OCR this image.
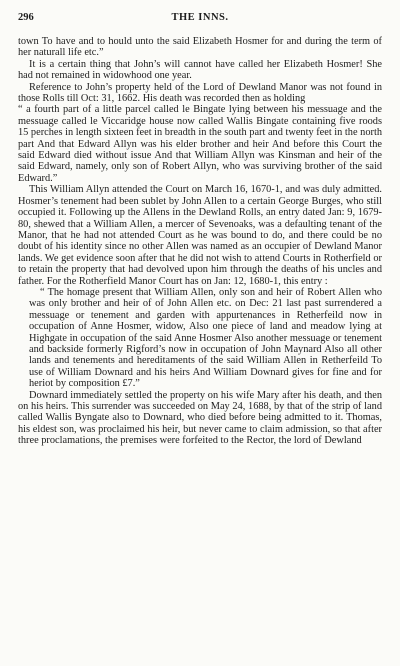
296	THE INNS.

town To have and to hould unto the said Elizabeth Hosmer for and during the term of her naturall life etc.”

It is a certain thing that John’s will cannot have called her Elizabeth Hosmer! She had not remained in widowhood one year.

Reference to John’s property held of the Lord of Dewland Manor was not found in those Rolls till Oct: 31, 1662. His death was recorded then as holding

“ a fourth part of a little parcel called le Bingate lying between his messuage and the messuage called le Viccaridge house now called Wallis Bingate containing five roods 15 perches in length sixteen feet in breadth in the south part and twenty feet in the north part And that Edward Allyn was his elder brother and heir And before this Court the said Edward died without issue And that William Allyn was Kinsman and heir of the said Edward, namely, only son of Robert Allyn, who was surviving brother of the said Edward.”

This William Allyn attended the Court on March 16, 1670-1, and was duly admitted. Hosmer’s tenement had been sublet by John Allen to a certain George Burges, who still occupied it. Following up the Allens in the Dewland Rolls, an entry dated Jan: 9, 1679-80, shewed that a William Allen, a mercer of Sevenoaks, was a defaulting tenant of the Manor, that he had not attended Court as he was bound to do, and there could be no doubt of his identity since no other Allen was named as an occupier of Dewland Manor lands. We get evidence soon after that he did not wish to attend Courts in Rotherfield or to retain the property that had devolved upon him through the deaths of his uncles and father. For the Rotherfield Manor Court has on Jan: 12, 1680-1, this entry :

“ The homage present that William Allen, only son and heir of Robert Allen who was only brother and heir of of John Allen etc. on Dec: 21 last past surrendered a messuage or tenement and garden with appurtenances in Retherfeild now in occupation of Anne Hosmer, widow, Also one piece of land and meadow lying at Highgate in occupation of the said Anne Hosmer Also another messuage or tenement and backside formerly Rigford’s now in occupation of John Maynard Also all other lands and tenements and hereditaments of the said William Allen in Retherfeild To use of William Downard and his heirs And William Downard gives for fine and for heriot by composition £7.”

Downard immediately settled the property on his wife Mary after his death, and then on his heirs. This surrender was succeeded on May 24, 1688, by that of the strip of land called Wallis Byngate also to Downard, who died before being admitted to it. Thomas, his eldest son, was proclaimed his heir, but never came to claim admission, so that after three proclamations, the premises were forfeited to the Rector, the lord of Dewland
